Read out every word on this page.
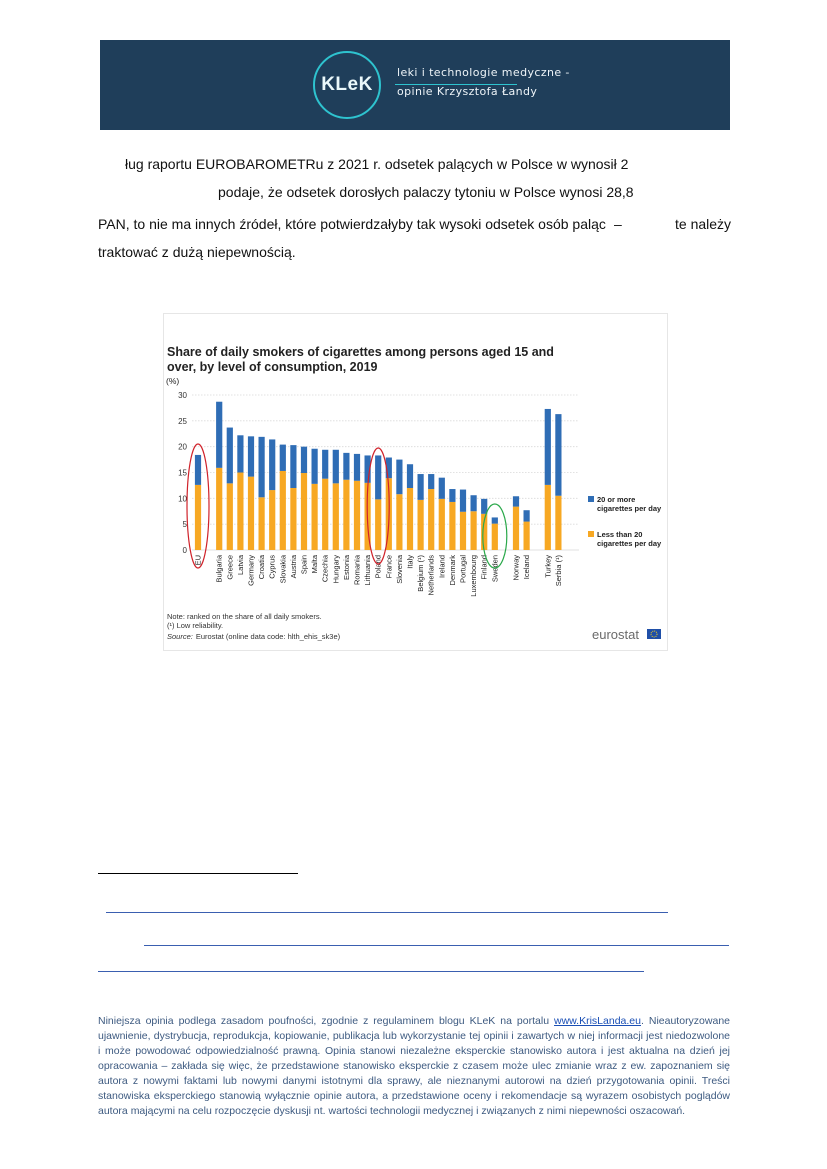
KLeK
leki i technologie medyczne -
opinie Krzysztofa Łandy
ług raportu EUROBAROMETRu z 2021 r. odsetek palących w Polsce w wynosił 2
podaje, że odsetek dorosłych palaczy tytoniu w Polsce wynosi 28,8
PAN, to nie ma innych źródeł, które potwierdzałyby tak wysoki odsetek osób paląc –	te należy
traktować z dużą niepewnością.
Share of daily smokers of cigarettes among persons aged 15 and
over, by level of consumption, 2019
(%)
0
5
10
15
20
25
30
EU Bulgaria Greece Latvia Germany Croatia Cyprus Slovakia Austria Spain Malta Czechia Hungary Estonia Romania Lithuania Poland France Slovenia Italy Belgium (¹) Netherlands Ireland Denmark Portugal Luxembourg Finland Sweden Norway Iceland Turkey Serbia (¹)
20 or more
cigarettes per day
Less than 20
cigarettes per day
Note: ranked on the share of all daily smokers.
(¹) Low reliability.
Source: Eurostat (online data code: hlth_ehis_sk3e)	eurostat
Niniejsza opinia podlega zasadom poufności, zgodnie z regulaminem blogu KLeK na portalu www.KrisLanda.eu. Nieautoryzowane ujawnienie, dystrybucja, reprodukcja, kopiowanie, publikacja lub wykorzystanie tej opinii i zawartych w niej informacji jest niedozwolone i może powodować odpowiedzialność prawną. Opinia stanowi niezależne eksperckie stanowisko autora i jest aktualna na dzień jej opracowania – zakłada się więc, że przedstawione stanowisko eksperckie z czasem może ulec zmianie wraz z ew. zapoznaniem się autora z nowymi faktami lub nowymi danymi istotnymi dla sprawy, ale nieznanymi autorowi na dzień przygotowania opinii. Treści stanowiska eksperckiego stanowią wyłącznie opinie autora, a przedstawione oceny i rekomendacje są wyrazem osobistych poglądów autora mającymi na celu rozpoczęcie dyskusji nt. wartości technologii medycznej i związanych z nimi niepewności oszacowań.
